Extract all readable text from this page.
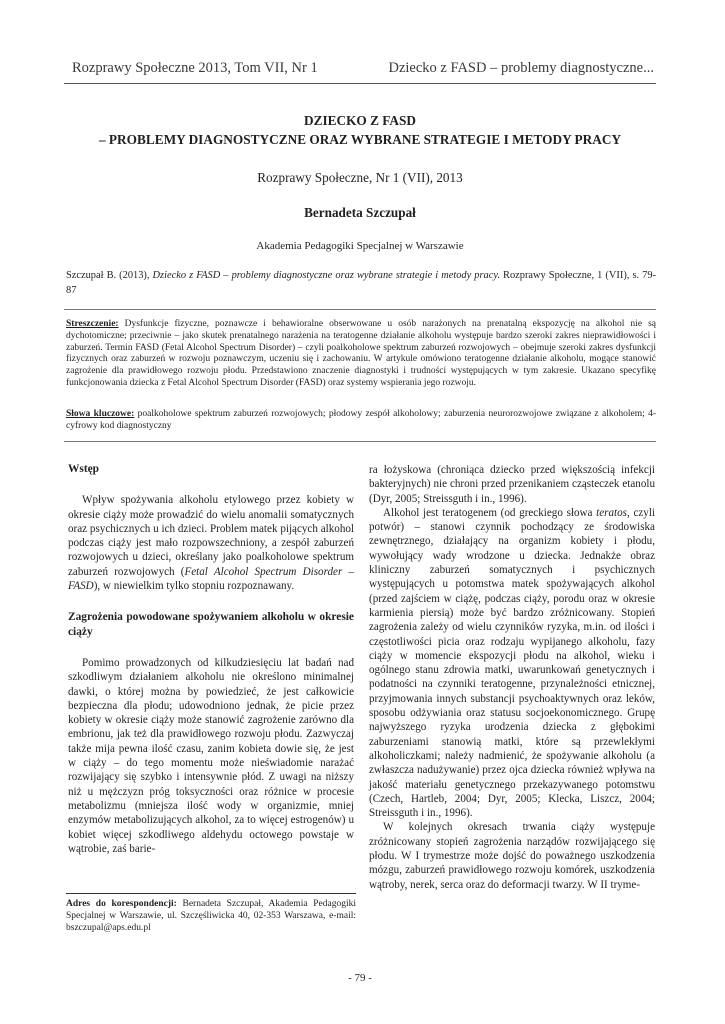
Rozprawy Społeczne 2013, Tom VII, Nr 1	Dziecko z FASD – problemy diagnostyczne...
DZIECKO Z FASD
– PROBLEMY DIAGNOSTYCZNE ORAZ WYBRANE STRATEGIE I METODY PRACY
Rozprawy Społeczne, Nr 1 (VII), 2013
Bernadeta Szczupał
Akademia Pedagogiki Specjalnej w Warszawie
Szczupał B. (2013), Dziecko z FASD – problemy diagnostyczne oraz wybrane strategie i metody pracy. Rozprawy Społeczne, 1 (VII), s. 79-87
Streszczenie: Dysfunkcje fizyczne, poznawcze i behawioralne obserwowane u osób narażonych na prenatalną ekspozycję na alkohol nie są dychotomiczne; przeciwnie – jako skutek prenatalnego narażenia na teratogenne działanie alkoholu występuje bardzo szeroki zakres nieprawidłowości i zaburzeń. Termin FASD (Fetal Alcohol Spectrum Disorder) – czyli poalkoholowe spektrum zaburzeń rozwojowych – obejmuje szeroki zakres dysfunkcji fizycznych oraz zaburzeń w rozwoju poznawczym, uczeniu się i zachowaniu. W artykule omówiono teratogenne działanie alkoholu, mogące stanowić zagrożenie dla prawidłowego rozwoju płodu. Przedstawiono znaczenie diagnostyki i trudności występujących w tym zakresie. Ukazano specyfikę funkcjonowania dziecka z Fetal Alcohol Spectrum Disorder (FASD) oraz systemy wspierania jego rozwoju.
Słowa kluczowe: poalkoholowe spektrum zaburzeń rozwojowych; płodowy zespół alkoholowy; zaburzenia neurorozwojowe związane z alkoholem; 4-cyfrowy kod diagnostyczny
Wstęp

Wpływ spożywania alkoholu etylowego przez kobiety w okresie ciąży może prowadzić do wielu anomalii somatycznych oraz psychicznych u ich dzieci. Problem matek pijących alkohol podczas ciąży jest mało rozpowszechniony, a zespół zaburzeń rozwojowych u dzieci, określany jako poalkoholowe spektrum zaburzeń rozwojowych (Fetal Alcohol Spectrum Disorder – FASD), w niewielkim tylko stopniu rozpoznawany.

Zagrożenia powodowane spożywaniem alkoholu w okresie ciąży

Pomimo prowadzonych od kilkudziesięciu lat badań nad szkodliwym działaniem alkoholu nie określono minimalnej dawki, o której można by powiedzieć, że jest całkowicie bezpieczna dla płodu; udowodniono jednak, że picie przez kobiety w okresie ciąży może stanowić zagrożenie zarówno dla embrionu, jak też dla prawidłowego rozwoju płodu. Zazwyczaj także mija pewna ilość czasu, zanim kobieta dowie się, że jest w ciąży – do tego momentu może nieświadomie narażać rozwijający się szybko i intensywnie płód. Z uwagi na niższy niż u mężczyzn próg toksyczności oraz różnice w procesie metabolizmu (mniejsza ilość wody w organizmie, mniej enzymów metabolizujących alkohol, za to więcej estrogenów) u kobiet więcej szkodliwego aldehydu octowego powstaje w wątrobie, zaś barie-

ra łożyskowa (chroniąca dziecko przed większością infekcji bakteryjnych) nie chroni przed przenikaniem cząsteczek etanolu (Dyr, 2005; Streissguth i in., 1996).

Alkohol jest teratogenem (od greckiego słowa teratos, czyli potwór) – stanowi czynnik pochodzący ze środowiska zewnętrznego, działający na organizm kobiety i płodu, wywołujący wady wrodzone u dziecka. Jednakże obraz kliniczny zaburzeń somatycznych i psychicznych występujących u potomstwa matek spożywających alkohol (przed zajściem w ciążę, podczas ciąży, porodu oraz w okresie karmienia piersią) może być bardzo zróżnicowany. Stopień zagrożenia zależy od wielu czynników ryzyka, m.in. od ilości i częstotliwości picia oraz rodzaju wypijanego alkoholu, fazy ciąży w momencie ekspozycji płodu na alkohol, wieku i ogólnego stanu zdrowia matki, uwarunkowań genetycznych i podatności na czynniki teratogenne, przynależności etnicznej, przyjmowania innych substancji psychoaktywnych oraz leków, sposobu odżywiania oraz statusu socjoekonomicznego. Grupę najwyższego ryzyka urodzenia dziecka z głębokimi zaburzeniami stanowią matki, które są przewlekłymi alkoholiczkami; należy nadmienić, że spożywanie alkoholu (a zwłaszcza nadużywanie) przez ojca dziecka również wpływa na jakość materiału genetycznego przekazywanego potomstwu (Czech, Hartleb, 2004; Dyr, 2005; Klecka, Liszcz, 2004; Streissguth i in., 1996).

W kolejnych okresach trwania ciąży występuje zróżnicowany stopień zagrożenia narządów rozwijającego się płodu. W I trymestrze może dojść do poważnego uszkodzenia mózgu, zaburzeń prawidłowego rozwoju komórek, uszkodzenia wątroby, nerek, serca oraz do deformacji twarzy. W II tryme-

Adres do korespondencji: Bernadeta Szczupał, Akademia Pedagogiki Specjalnej w Warszawie, ul. Szczęśliwicka 40, 02-353 Warszawa, e-mail: bszczupal@aps.edu.pl
- 79 -
